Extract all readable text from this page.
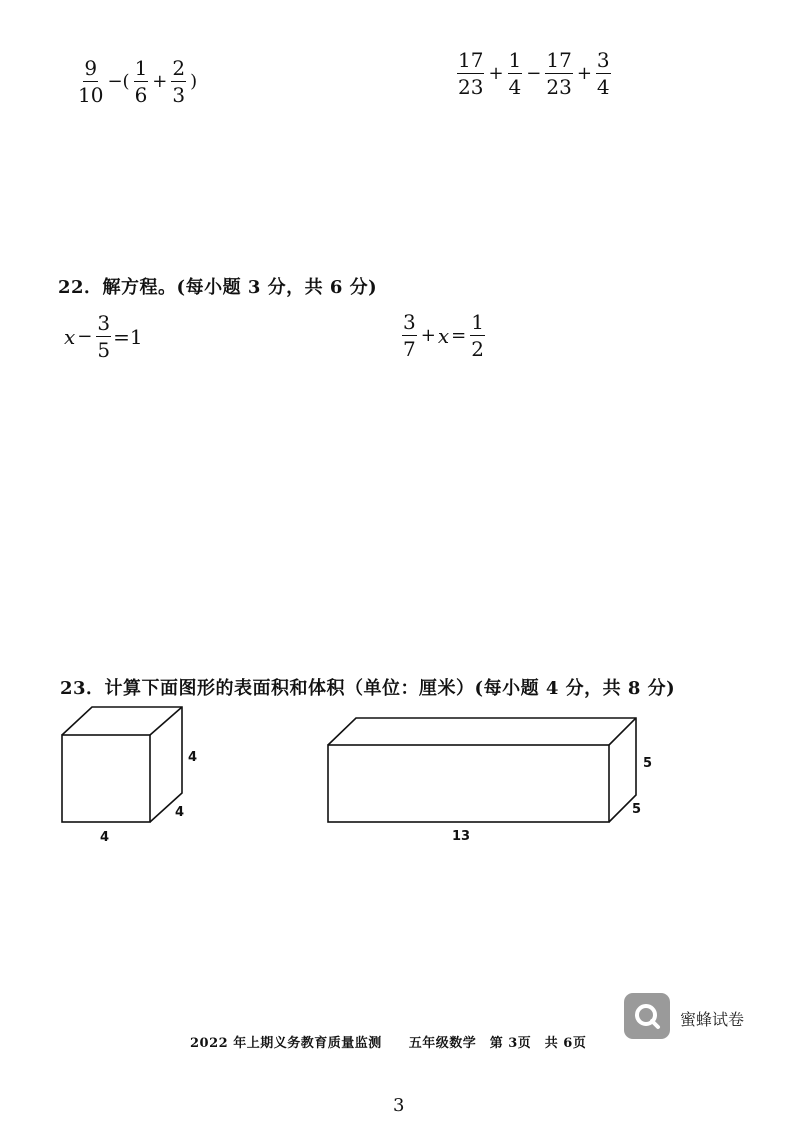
$\frac{9}{10}$ −( $\frac{1}{6} + \frac{2}{3}$ )	$\frac{17}{23} + \frac{1}{4} - \frac{17}{23} + \frac{3}{4}$
22．解方程。(每小题 3 分，共 6 分)
$x - \frac{3}{5} =1$	$\frac{3}{7} + x = \frac{1}{2}$
23．计算下面图形的表面积和体积（单位：厘米）(每小题 4 分，共 8 分)
4
4
4
5
5
13
蜜蜂试卷
2022 年上期义务教育质量监测　　五年级数学　第 3页　共 6页
3
